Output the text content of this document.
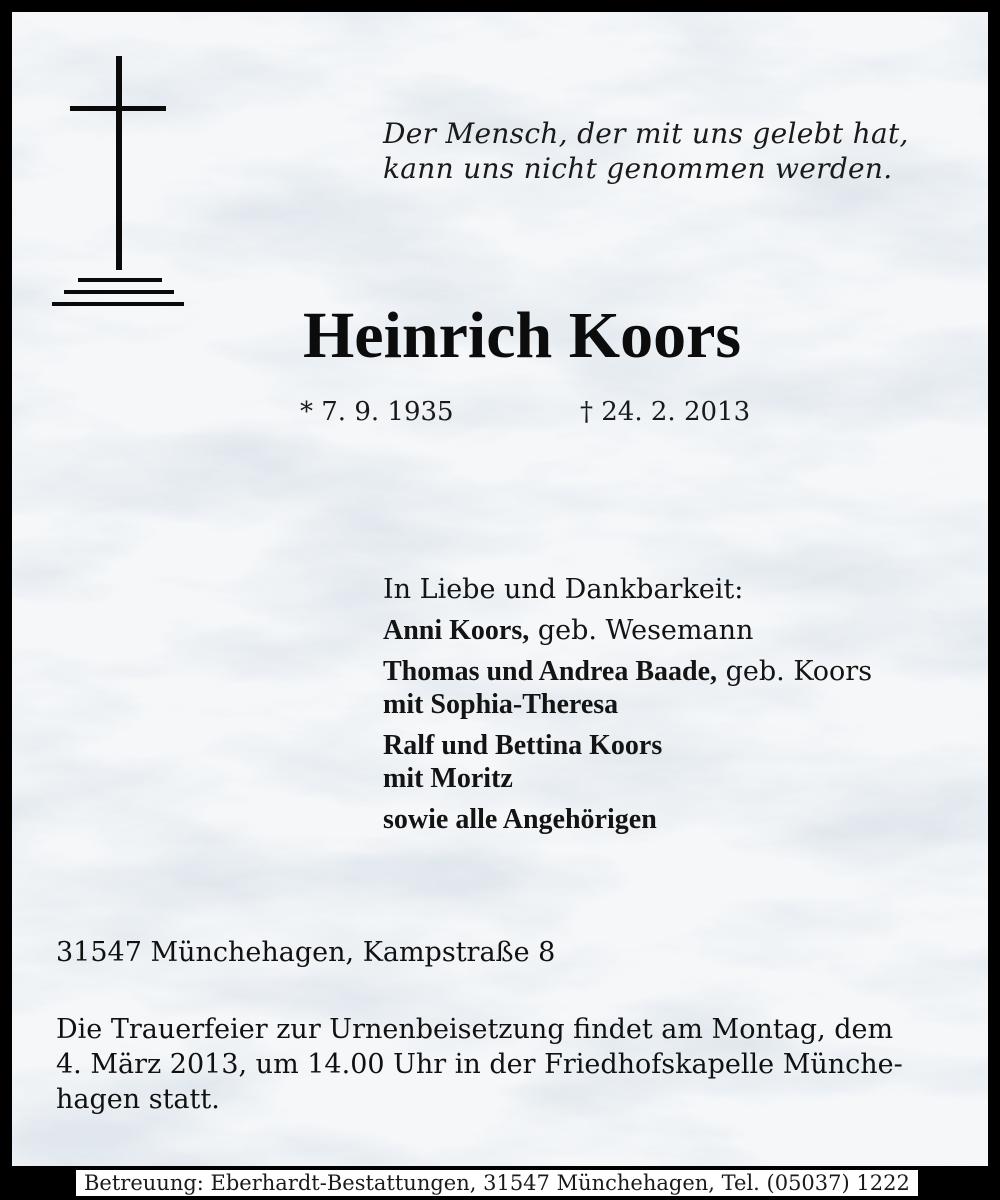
Der Mensch, der mit uns gelebt hat,
kann uns nicht genommen werden.
Heinrich Koors
* 7. 9. 1935	† 24. 2. 2013
In Liebe und Dankbarkeit:
Anni Koors, geb. Wesemann
Thomas und Andrea Baade, geb. Koors
mit Sophia-Theresa
Ralf und Bettina Koors
mit Moritz
sowie alle Angehörigen
31547 Münchehagen, Kampstraße 8
Die Trauerfeier zur Urnenbeisetzung findet am Montag, dem
4. März 2013, um 14.00 Uhr in der Friedhofskapelle Münche-
hagen statt.
Betreuung: Eberhardt-Bestattungen, 31547 Münchehagen, Tel. (05037) 1222
